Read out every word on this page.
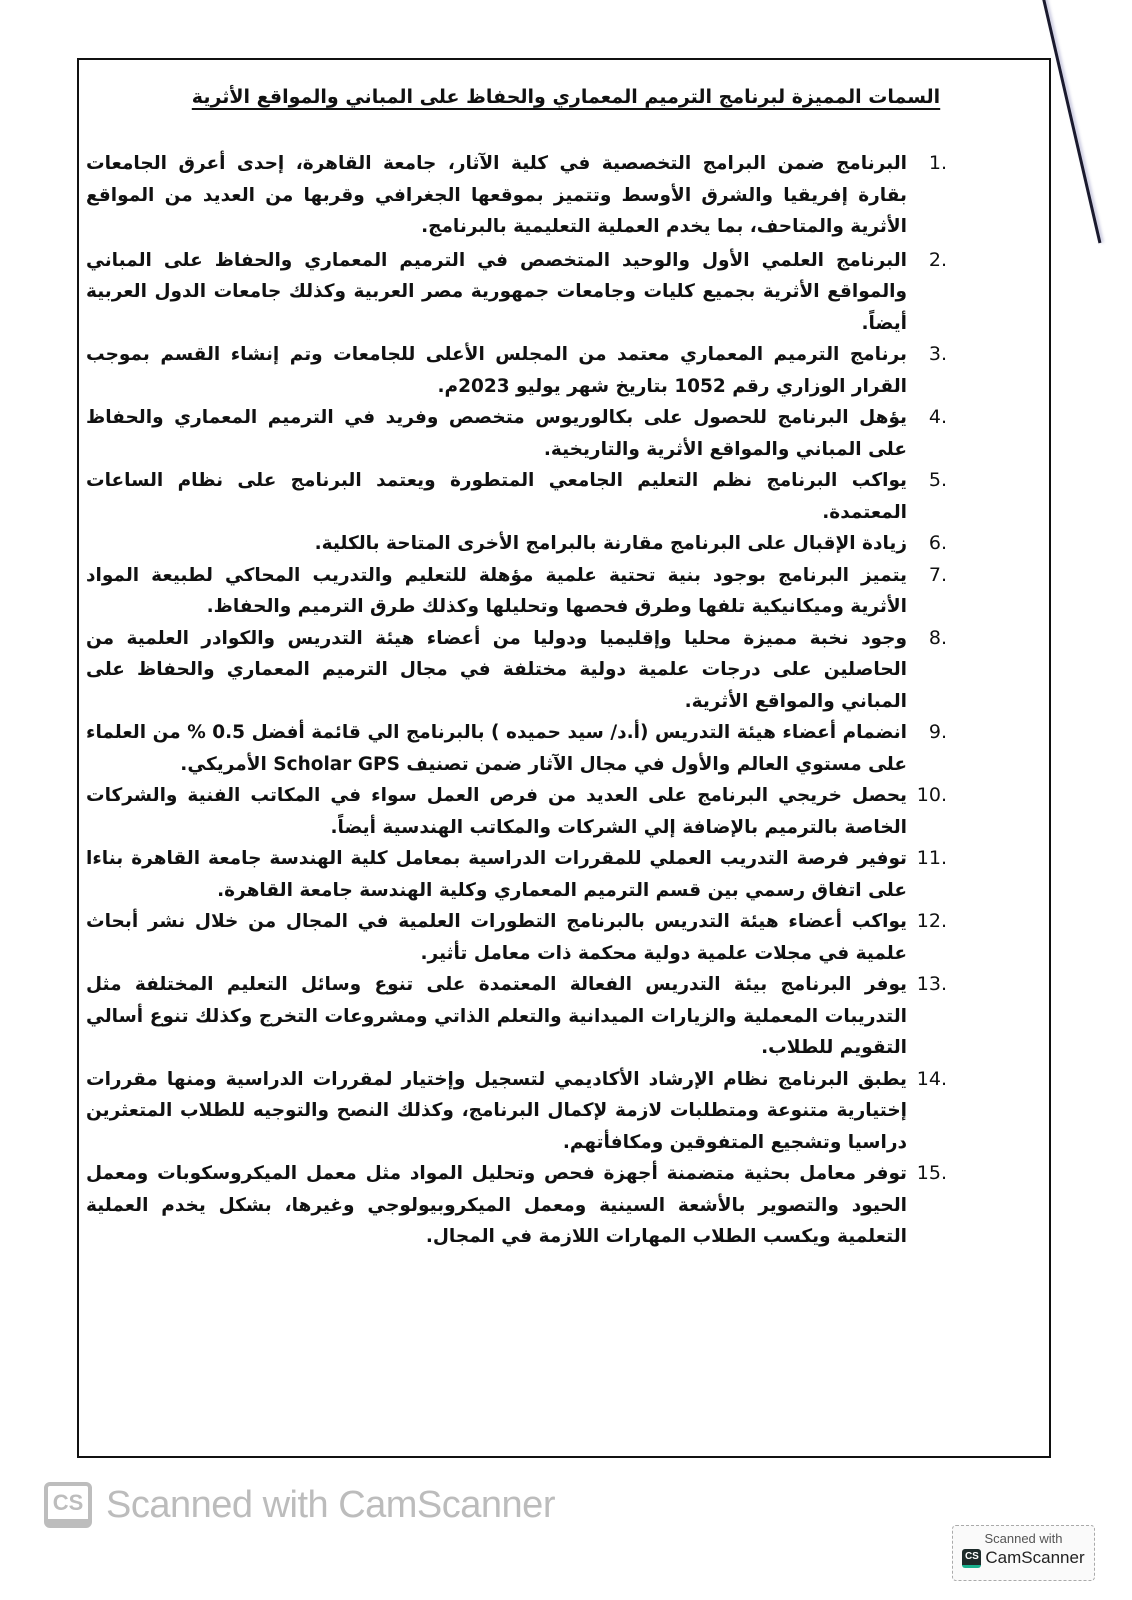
السمات المميزة لبرنامج الترميم المعماري والحفاظ على المباني والمواقع الأثرية
1.
البرنامج ضمن البرامج التخصصية في كلية الآثار، جامعة القاهرة، إحدى أعرق الجامعات بقارة إفريقيا والشرق الأوسط وتتميز بموقعها الجغرافي وقربها من العديد من المواقع الأثرية والمتاحف، بما يخدم العملية التعليمية بالبرنامج.
2.
البرنامج العلمي الأول والوحيد المتخصص في الترميم المعماري والحفاظ على المباني والمواقع الأثرية بجميع كليات وجامعات جمهورية مصر العربية وكذلك جامعات الدول العربية أيضاً.
3.
برنامج الترميم المعماري معتمد من المجلس الأعلى للجامعات وتم إنشاء القسم بموجب القرار الوزاري رقم 1052 بتاريخ شهر يوليو 2023م.
4.
يؤهل البرنامج للحصول على بكالوريوس متخصص وفريد في الترميم المعماري والحفاظ على المباني والمواقع الأثرية والتاريخية.
5.
يواكب البرنامج نظم التعليم الجامعي المتطورة ويعتمد البرنامج على نظام الساعات المعتمدة.
6.
زيادة الإقبال على البرنامج مقارنة بالبرامج الأخرى المتاحة بالكلية.
7.
يتميز البرنامج بوجود بنية تحتية علمية مؤهلة للتعليم والتدريب المحاكي لطبيعة المواد الأثرية وميكانيكية تلفها وطرق فحصها وتحليلها وكذلك طرق الترميم والحفاظ.
8.
وجود نخبة مميزة محليا وإقليميا ودوليا من أعضاء هيئة التدريس والكوادر العلمية من الحاصلين على درجات علمية دولية مختلفة في مجال الترميم المعماري والحفاظ على المباني والمواقع الأثرية.
9.
انضمام أعضاء هيئة التدريس (أ.د/ سيد حميده ) بالبرنامج الي قائمة أفضل 0.5 % من العلماء على مستوي العالم والأول في مجال الآثار ضمن تصنيف Scholar GPS الأمريكي.
10.
يحصل خريجي البرنامج على العديد من فرص العمل سواء في المكاتب الفنية والشركات الخاصة بالترميم بالإضافة إلي الشركات والمكاتب الهندسية أيضاً.
11.
توفير فرصة التدريب العملي للمقررات الدراسية بمعامل كلية الهندسة جامعة القاهرة بناءا على اتفاق رسمي بين قسم الترميم المعماري وكلية الهندسة جامعة القاهرة.
12.
يواكب أعضاء هيئة التدريس بالبرنامج التطورات العلمية في المجال من خلال نشر أبحاث علمية في مجلات علمية دولية محكمة ذات معامل تأثير.
13.
يوفر البرنامج بيئة التدريس الفعالة المعتمدة على تنوع وسائل التعليم المختلفة مثل التدريبات المعملية والزيارات الميدانية والتعلم الذاتي ومشروعات التخرج وكذلك تنوع أسالي التقويم للطلاب.
14.
يطبق البرنامج نظام الإرشاد الأكاديمي لتسجيل وإختيار لمقررات الدراسية ومنها مقررات إختيارية متنوعة ومتطلبات لازمة لإكمال البرنامج، وكذلك النصح والتوجيه للطلاب المتعثرين دراسيا وتشجيع المتفوقين ومكافأتهم.
15.
توفر معامل بحثية متضمنة أجهزة فحص وتحليل المواد مثل معمل الميكروسكوبات ومعمل الحيود والتصوير بالأشعة السينية ومعمل الميكروبيولوجي وغيرها، بشكل يخدم العملية التعلمية ويكسب الطلاب المهارات اللازمة في المجال.
CS Scanned with CamScanner
Scanned with
CS CamScanner
